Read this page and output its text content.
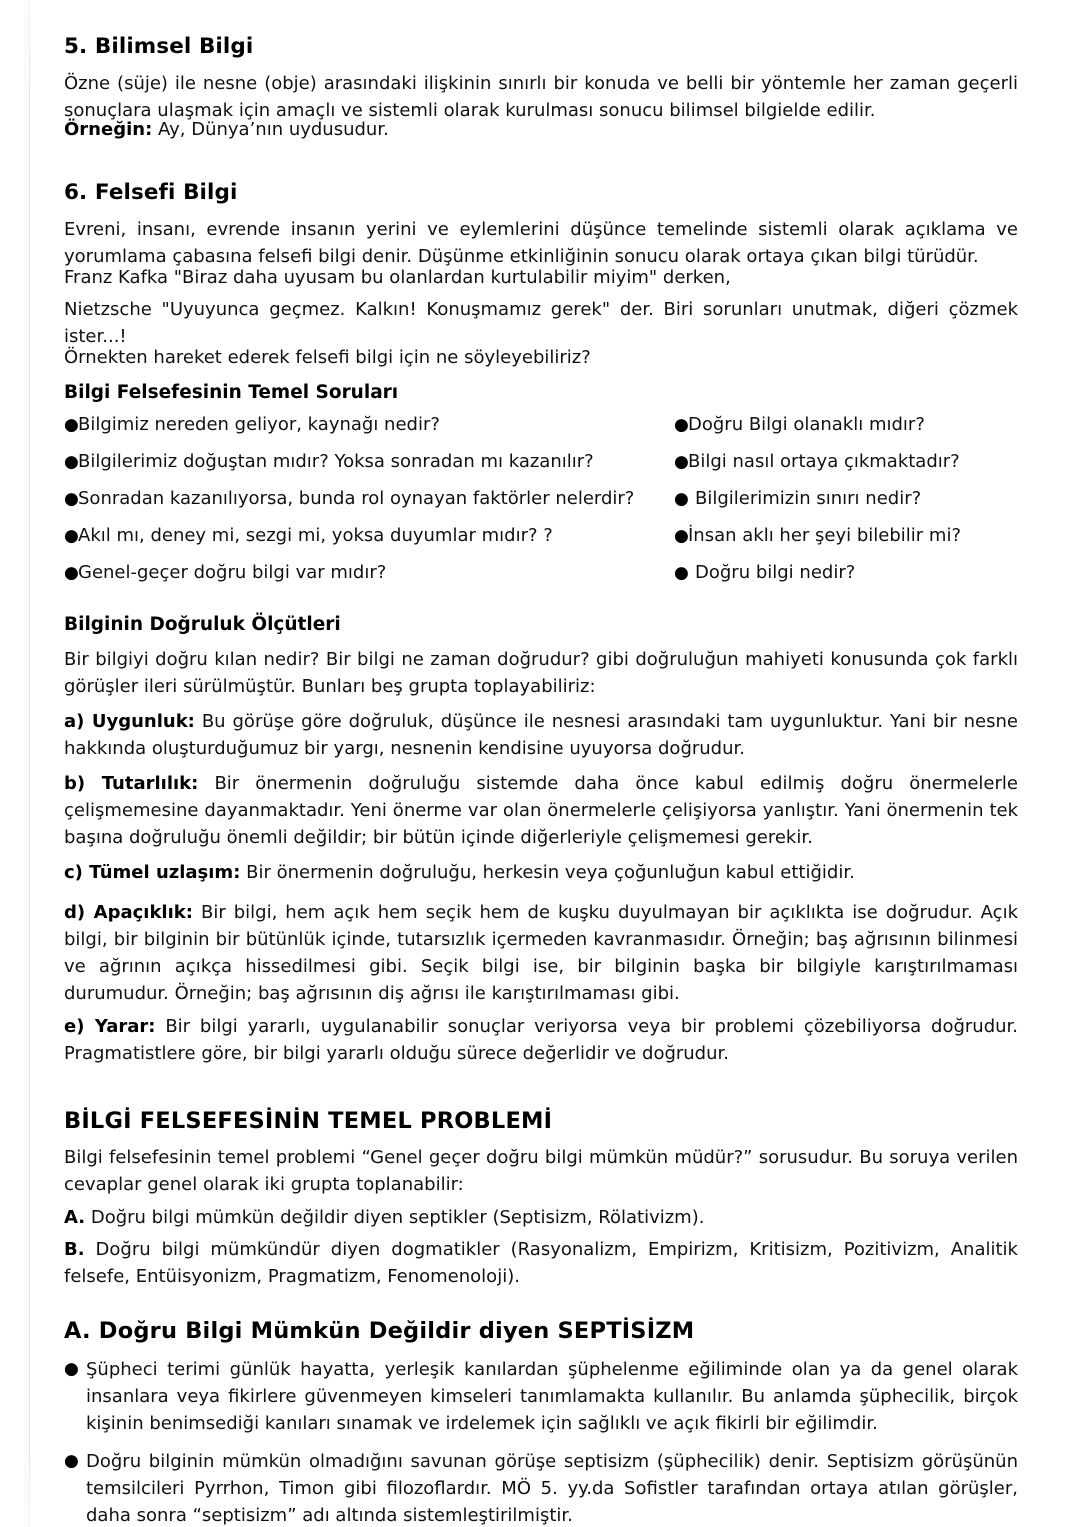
5. Bilimsel Bilgi

Özne (süje) ile nesne (obje) arasındaki ilişkinin sınırlı bir konuda ve belli bir yöntemle her zaman geçerli sonuçlara ulaşmak için amaçlı ve sistemli olarak kurulması sonucu bilimsel bilgielde edilir.

Örneğin: Ay, Dünya’nın uydusudur.

6. Felsefi Bilgi

Evreni, insanı, evrende insanın yerini ve eylemlerini düşünce temelinde sistemli olarak açıklama ve yorumlama çabasına felsefi bilgi denir. Düşünme etkinliğinin sonucu olarak ortaya çıkan bilgi türüdür.

Franz Kafka "Biraz daha uyusam bu olanlardan kurtulabilir miyim" derken,

Nietzsche "Uyuyunca geçmez. Kalkın! Konuşmamız gerek" der. Biri sorunları unutmak, diğeri çözmek ister...!

Örnekten hareket ederek felsefi bilgi için ne söyleyebiliriz?

Bilgi Felsefesinin Temel Soruları
● Bilgimiz nereden geliyor, kaynağı nedir?	● Doğru Bilgi olanaklı mıdır?
● Bilgilerimiz doğuştan mıdır? Yoksa sonradan mı kazanılır?	● Bilgi nasıl ortaya çıkmaktadır?
● Sonradan kazanılıyorsa, bunda rol oynayan faktörler nelerdir? ● Bilgilerimizin sınırı nedir?
● Akıl mı, deney mi, sezgi mi, yoksa duyumlar mıdır? ?	● İnsan aklı her şeyi bilebilir mi?
● Genel-geçer doğru bilgi var mıdır?	● Doğru bilgi nedir?
Bilginin Doğruluk Ölçütleri

Bir bilgiyi doğru kılan nedir? Bir bilgi ne zaman doğrudur? gibi doğruluğun mahiyeti konusunda çok farklı görüşler ileri sürülmüştür. Bunları beş grupta toplayabiliriz:

a) Uygunluk: Bu görüşe göre doğruluk, düşünce ile nesnesi arasındaki tam uygunluktur. Yani bir nesne hakkında oluşturduğumuz bir yargı, nesnenin kendisine uyuyorsa doğrudur.

b) Tutarlılık: Bir önermenin doğruluğu sistemde daha önce kabul edilmiş doğru önermelerle çelişmemesine dayanmaktadır. Yeni önerme var olan önermelerle çelişiyorsa yanlıştır. Yani önermenin tek başına doğruluğu önemli değildir; bir bütün içinde diğerleriyle çelişmemesi gerekir.

c) Tümel uzlaşım: Bir önermenin doğruluğu, herkesin veya çoğunluğun kabul ettiğidir.

d) Apaçıklık: Bir bilgi, hem açık hem seçik hem de kuşku duyulmayan bir açıklıkta ise doğrudur. Açık bilgi, bir bilginin bir bütünlük içinde, tutarsızlık içermeden kavranmasıdır. Örneğin; baş ağrısının bilinmesi ve ağrının açıkça hissedilmesi gibi. Seçik bilgi ise, bir bilginin başka bir bilgiyle karıştırılmaması durumudur. Örneğin; baş ağrısının diş ağrısı ile karıştırılmaması gibi.

e) Yarar: Bir bilgi yararlı, uygulanabilir sonuçlar veriyorsa veya bir problemi çözebiliyorsa doğrudur. Pragmatistlere göre, bir bilgi yararlı olduğu sürece değerlidir ve doğrudur.

BİLGİ FELSEFESİNİN TEMEL PROBLEMİ

Bilgi felsefesinin temel problemi “Genel geçer doğru bilgi mümkün müdür?” sorusudur. Bu soruya verilen cevaplar genel olarak iki grupta toplanabilir:

A. Doğru bilgi mümkün değildir diyen septikler (Septisizm, Rölativizm).

B. Doğru bilgi mümkündür diyen dogmatikler (Rasyonalizm, Empirizm, Kritisizm, Pozitivizm, Analitik felsefe, Entüisyonizm, Pragmatizm, Fenomenoloji).

A. Doğru Bilgi Mümkün Değildir diyen SEPTİSİZM
● Şüpheci terimi günlük hayatta, yerleşik kanılardan şüphelenme eğiliminde olan ya da genel olarak insanlara veya fikirlere güvenmeyen kimseleri tanımlamakta kullanılır. Bu anlamda şüphecilik, birçok kişinin benimsediği kanıları sınamak ve irdelemek için sağlıklı ve açık fikirli bir eğilimdir.
● Doğru bilginin mümkün olmadığını savunan görüşe septisizm (şüphecilik) denir. Septisizm görüşünün temsilcileri Pyrrhon, Timon gibi filozoflardır. MÖ 5. yy.da Sofistler tarafından ortaya atılan görüşler, daha sonra “septisizm” adı altında sistemleştirilmiştir.
